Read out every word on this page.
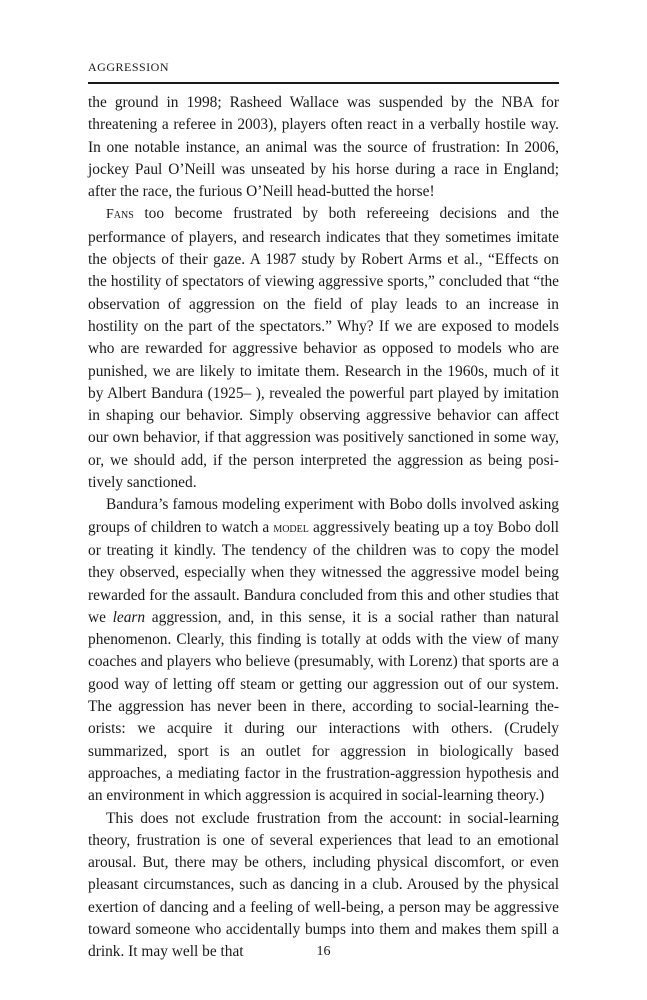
AGGRESSION

the ground in 1998; Rasheed Wallace was suspended by the NBA for threatening a referee in 2003), players often react in a verbally hostile way. In one notable instance, an animal was the source of frustration: In 2006, jockey Paul O’Neill was unseated by his horse during a race in England; after the race, the furious O’Neill head-butted the horse!

Fans too become frustrated by both refereeing decisions and the performance of players, and research indicates that they sometimes imitate the objects of their gaze. A 1987 study by Robert Arms et al., “Effects on the hostility of spectators of viewing aggressive sports,” concluded that “the observation of aggression on the field of play leads to an increase in hostility on the part of the spectators.” Why? If we are exposed to models who are rewarded for aggressive behavior as opposed to models who are punished, we are likely to imitate them. Research in the 1960s, much of it by Albert Bandura (1925– ), revealed the powerful part played by imitation in shaping our behavior. Simply observing aggressive behavior can affect our own behavior, if that aggression was positively sanctioned in some way, or, we should add, if the person interpreted the aggression as being positively sanctioned.

Bandura’s famous modeling experiment with Bobo dolls involved asking groups of children to watch a model aggressively beating up a toy Bobo doll or treating it kindly. The tendency of the children was to copy the model they observed, especially when they witnessed the aggressive model being rewarded for the assault. Bandura concluded from this and other studies that we learn aggression, and, in this sense, it is a social rather than natural phenomenon. Clearly, this finding is totally at odds with the view of many coaches and players who believe (presumably, with Lorenz) that sports are a good way of letting off steam or getting our aggression out of our system. The aggression has never been in there, according to social-learning theorists: we acquire it during our interactions with others. (Crudely summarized, sport is an outlet for aggression in biologically based approaches, a mediating factor in the frustration-aggression hypothesis and an environment in which aggression is acquired in social-learning theory.)

This does not exclude frustration from the account: in social-learning theory, frustration is one of several experiences that lead to an emotional arousal. But, there may be others, including physical discomfort, or even pleasant circumstances, such as dancing in a club. Aroused by the physical exertion of dancing and a feeling of well-being, a person may be aggressive toward someone who accidentally bumps into them and makes them spill a drink. It may well be that	16
